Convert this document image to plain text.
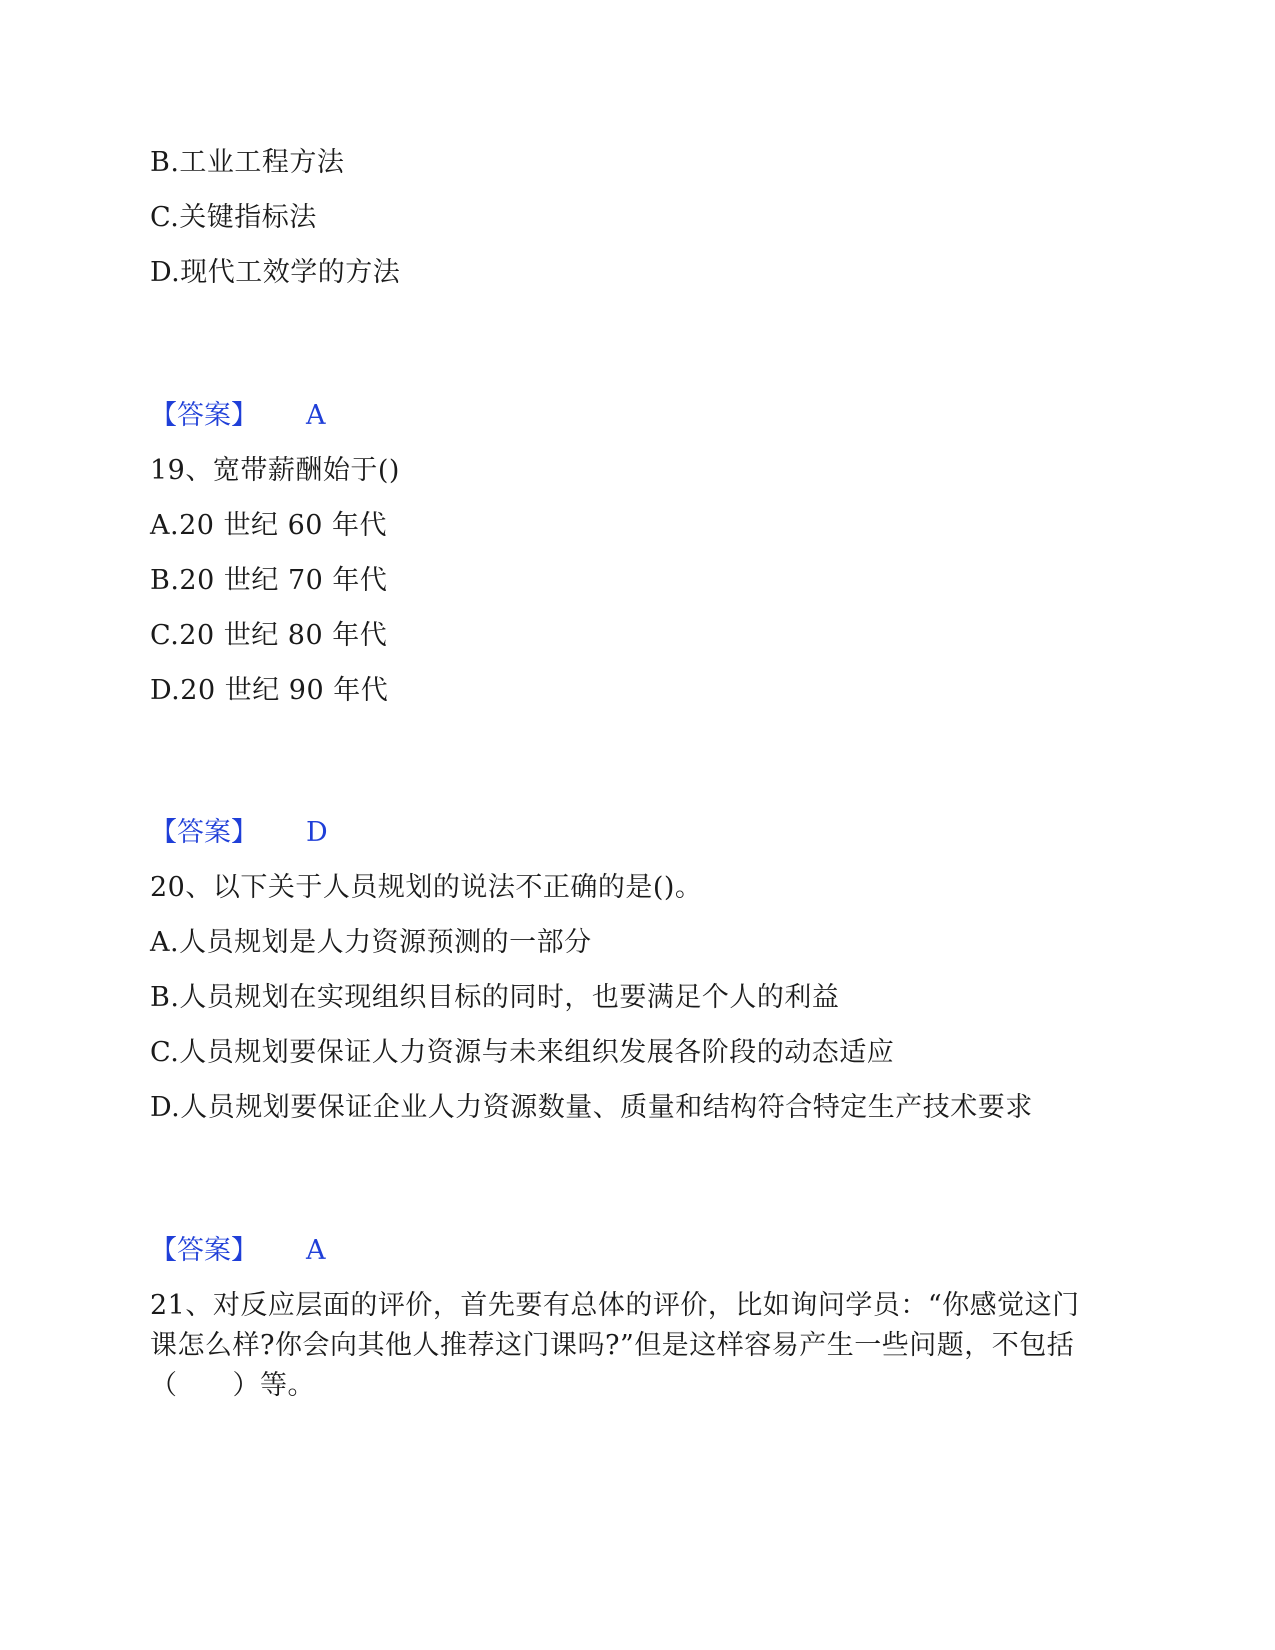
B.工业工程方法
C.关键指标法
D.现代工效学的方法
【答案】 A
19、宽带薪酬始于()
A.20 世纪 60 年代
B.20 世纪 70 年代
C.20 世纪 80 年代
D.20 世纪 90 年代
【答案】 D
20、以下关于人员规划的说法不正确的是()。
A.人员规划是人力资源预测的一部分
B.人员规划在实现组织目标的同时，也要满足个人的利益
C.人员规划要保证人力资源与未来组织发展各阶段的动态适应
D.人员规划要保证企业人力资源数量、质量和结构符合特定生产技术要求
【答案】 A
21、对反应层面的评价，首先要有总体的评价，比如询问学员：“你感觉这门
课怎么样?你会向其他人推荐这门课吗?”但是这样容易产生一些问题，不包括
（　　）等。
